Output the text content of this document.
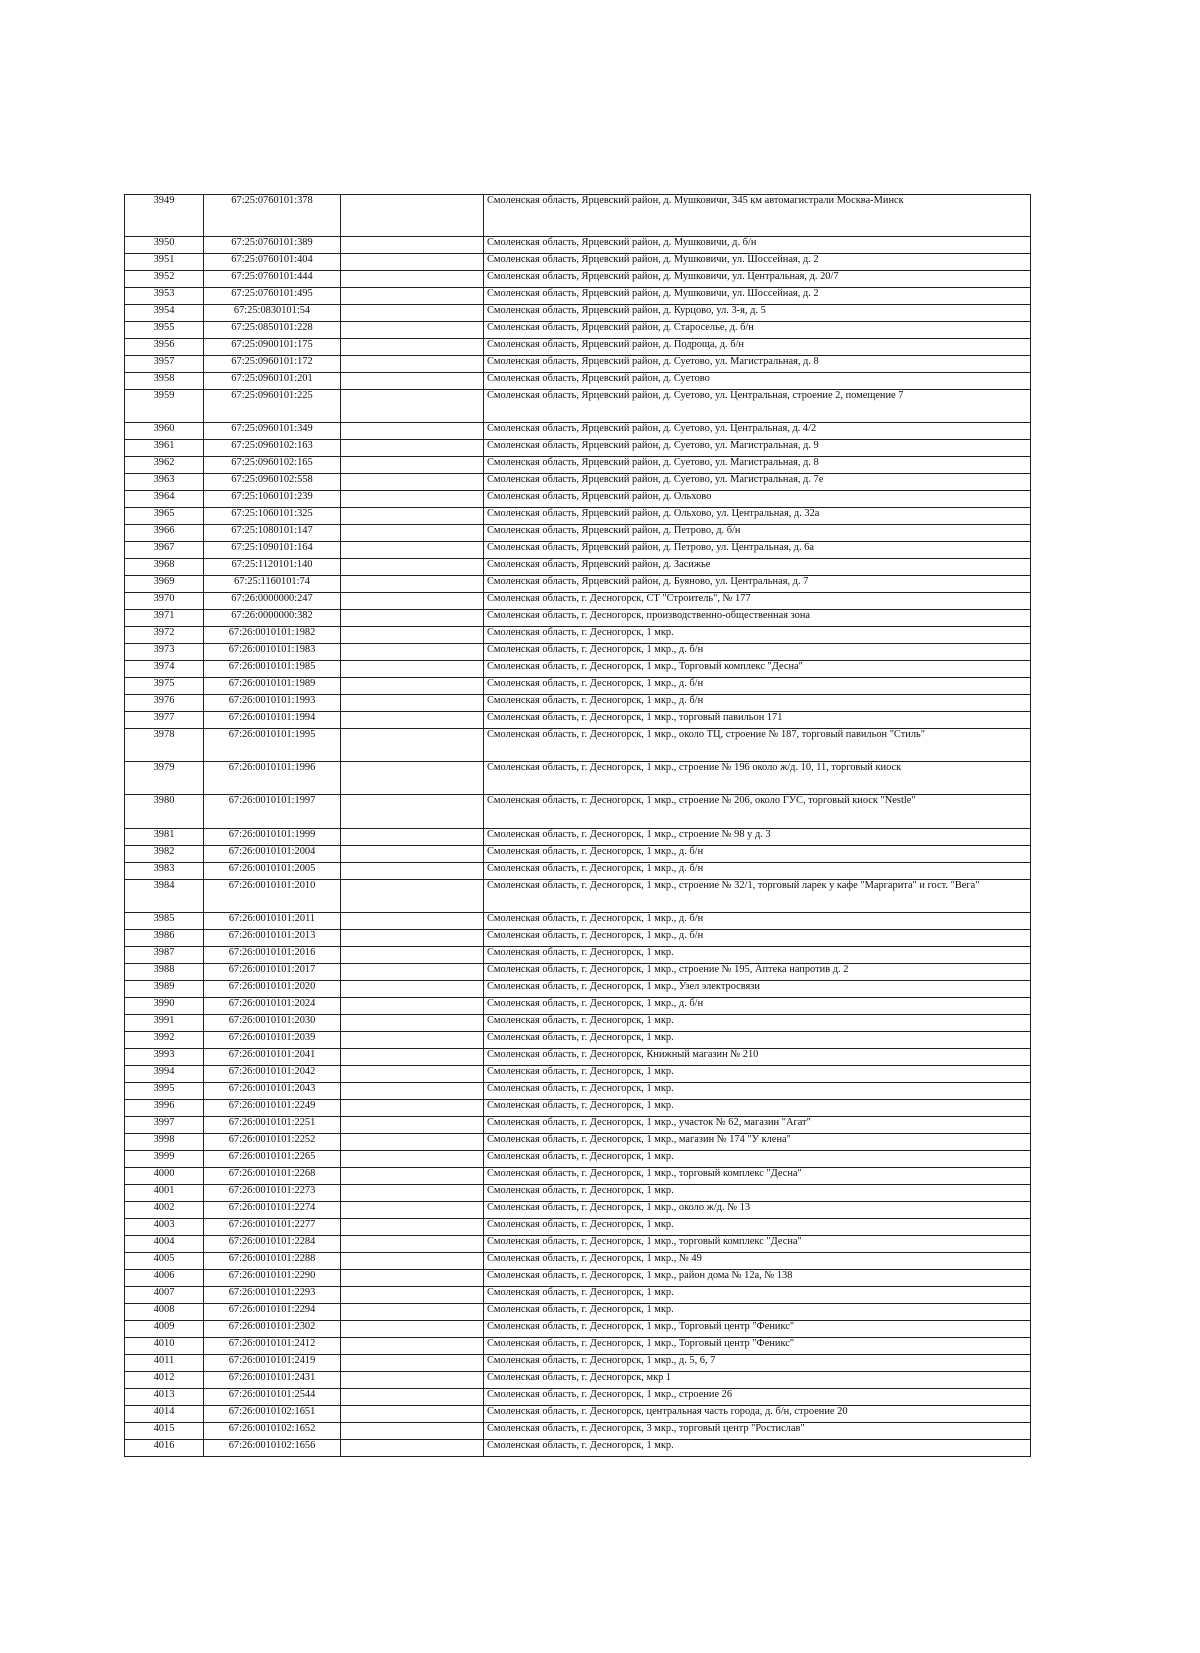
3949	67:25:0760101:378		Смоленская область, Ярцевский район, д. Мушковичи, 345 км автомагистрали Москва-Минск
3950	67:25:0760101:389		Смоленская область, Ярцевский район, д. Мушковичи, д. б/н
3951	67:25:0760101:404		Смоленская область, Ярцевский район, д. Мушковичи, ул. Шоссейная, д. 2
3952	67:25:0760101:444		Смоленская область, Ярцевский район, д. Мушковичи, ул. Центральная, д. 20/7
3953	67:25:0760101:495		Смоленская область, Ярцевский район, д. Мушковичи, ул. Шоссейная, д. 2
3954	67:25:0830101:54		Смоленская область, Ярцевский район, д. Курцово, ул. 3-я, д. 5
3955	67:25:0850101:228		Смоленская область, Ярцевский район, д. Староселье, д. б/н
3956	67:25:0900101:175		Смоленская область, Ярцевский район, д. Подроща, д. б/н
3957	67:25:0960101:172		Смоленская область, Ярцевский район, д. Суетово, ул. Магистральная, д. 8
3958	67:25:0960101:201		Смоленская область, Ярцевский район, д. Суетово
3959	67:25:0960101:225		Смоленская область, Ярцевский район, д. Суетово, ул. Центральная, строение 2, помещение 7
3960	67:25:0960101:349		Смоленская область, Ярцевский район, д. Суетово, ул. Центральная, д. 4/2
3961	67:25:0960102:163		Смоленская область, Ярцевский район, д. Суетово, ул. Магистральная, д. 9
3962	67:25:0960102:165		Смоленская область, Ярцевский район, д. Суетово, ул. Магистральная, д. 8
3963	67:25:0960102:558		Смоленская область, Ярцевский район, д. Суетово, ул. Магистральная, д. 7е
3964	67:25:1060101:239		Смоленская область, Ярцевский район, д. Ольхово
3965	67:25:1060101:325		Смоленская область, Ярцевский район, д. Ольхово, ул. Центральная, д. 32а
3966	67:25:1080101:147		Смоленская область, Ярцевский район, д. Петрово, д. б/н
3967	67:25:1090101:164		Смоленская область, Ярцевский район, д. Петрово, ул. Центральная, д. 6а
3968	67:25:1120101:140		Смоленская область, Ярцевский район, д. Засижье
3969	67:25:1160101:74		Смоленская область, Ярцевский район, д. Буяново, ул. Центральная, д. 7
3970	67:26:0000000:247		Смоленская область, г. Десногорск, СТ "Строитель", № 177
3971	67:26:0000000:382		Смоленская область, г. Десногорск, производственно-общественная зона
3972	67:26:0010101:1982		Смоленская область, г. Десногорск, 1 мкр.
3973	67:26:0010101:1983		Смоленская область, г. Десногорск, 1 мкр., д. б/н
3974	67:26:0010101:1985		Смоленская область, г. Десногорск, 1 мкр., Торговый комплекс "Десна"
3975	67:26:0010101:1989		Смоленская область, г. Десногорск, 1 мкр., д. б/н
3976	67:26:0010101:1993		Смоленская область, г. Десногорск, 1 мкр., д. б/н
3977	67:26:0010101:1994		Смоленская область, г. Десногорск, 1 мкр., торговый павильон 171
3978	67:26:0010101:1995		Смоленская область, г. Десногорск, 1 мкр., около ТЦ, строение № 187, торговый павильон "Стиль"
3979	67:26:0010101:1996		Смоленская область, г. Десногорск, 1 мкр., строение № 196 около ж/д. 10, 11, торговый киоск
3980	67:26:0010101:1997		Смоленская область, г. Десногорск, 1 мкр., строение № 206, около ГУС, торговый киоск "Nestle"
3981	67:26:0010101:1999		Смоленская область, г. Десногорск, 1 мкр., строение № 98 у д. 3
3982	67:26:0010101:2004		Смоленская область, г. Десногорск, 1 мкр., д. б/н
3983	67:26:0010101:2005		Смоленская область, г. Десногорск, 1 мкр., д. б/н
3984	67:26:0010101:2010		Смоленская область, г. Десногорск, 1 мкр., строение № 32/1, торговый ларек у кафе "Маргарита" и гост. "Вега"
3985	67:26:0010101:2011		Смоленская область, г. Десногорск, 1 мкр., д. б/н
3986	67:26:0010101:2013		Смоленская область, г. Десногорск, 1 мкр., д. б/н
3987	67:26:0010101:2016		Смоленская область, г. Десногорск, 1 мкр.
3988	67:26:0010101:2017		Смоленская область, г. Десногорск, 1 мкр., строение № 195, Аптека напротив д. 2
3989	67:26:0010101:2020		Смоленская область, г. Десногорск, 1 мкр., Узел электросвязи
3990	67:26:0010101:2024		Смоленская область, г. Десногорск, 1 мкр., д. б/н
3991	67:26:0010101:2030		Смоленская область, г. Десногорск, 1 мкр.
3992	67:26:0010101:2039		Смоленская область, г. Десногорск, 1 мкр.
3993	67:26:0010101:2041		Смоленская область, г. Десногорск, Книжный магазин № 210
3994	67:26:0010101:2042		Смоленская область, г. Десногорск, 1 мкр.
3995	67:26:0010101:2043		Смоленская область, г. Десногорск, 1 мкр.
3996	67:26:0010101:2249		Смоленская область, г. Десногорск, 1 мкр.
3997	67:26:0010101:2251		Смоленская область, г. Десногорск, 1 мкр., участок № 62, магазин "Агат"
3998	67:26:0010101:2252		Смоленская область, г. Десногорск, 1 мкр., магазин № 174 "У клена"
3999	67:26:0010101:2265		Смоленская область, г. Десногорск, 1 мкр.
4000	67:26:0010101:2268		Смоленская область, г. Десногорск, 1 мкр., торговый комплекс "Десна"
4001	67:26:0010101:2273		Смоленская область, г. Десногорск, 1 мкр.
4002	67:26:0010101:2274		Смоленская область, г. Десногорск, 1 мкр., около ж/д. № 13
4003	67:26:0010101:2277		Смоленская область, г. Десногорск, 1 мкр.
4004	67:26:0010101:2284		Смоленская область, г. Десногорск, 1 мкр., торговый комплекс "Десна"
4005	67:26:0010101:2288		Смоленская область, г. Десногорск, 1 мкр., № 49
4006	67:26:0010101:2290		Смоленская область, г. Десногорск, 1 мкр., район дома № 12а, № 138
4007	67:26:0010101:2293		Смоленская область, г. Десногорск, 1 мкр.
4008	67:26:0010101:2294		Смоленская область, г. Десногорск, 1 мкр.
4009	67:26:0010101:2302		Смоленская область, г. Десногорск, 1 мкр., Торговый центр "Феникс"
4010	67:26:0010101:2412		Смоленская область, г. Десногорск, 1 мкр., Торговый центр "Феникс"
4011	67:26:0010101:2419		Смоленская область, г. Десногорск, 1 мкр., д. 5, 6, 7
4012	67:26:0010101:2431		Смоленская область, г. Десногорск, мкр 1
4013	67:26:0010101:2544		Смоленская область, г. Десногорск, 1 мкр., строение 26
4014	67:26:0010102:1651		Смоленская область, г. Десногорск, центральная часть города, д. б/н, строение 20
4015	67:26:0010102:1652		Смоленская область, г. Десногорск, 3 мкр., торговый центр "Ростислав"
4016	67:26:0010102:1656		Смоленская область, г. Десногорск, 1 мкр.
